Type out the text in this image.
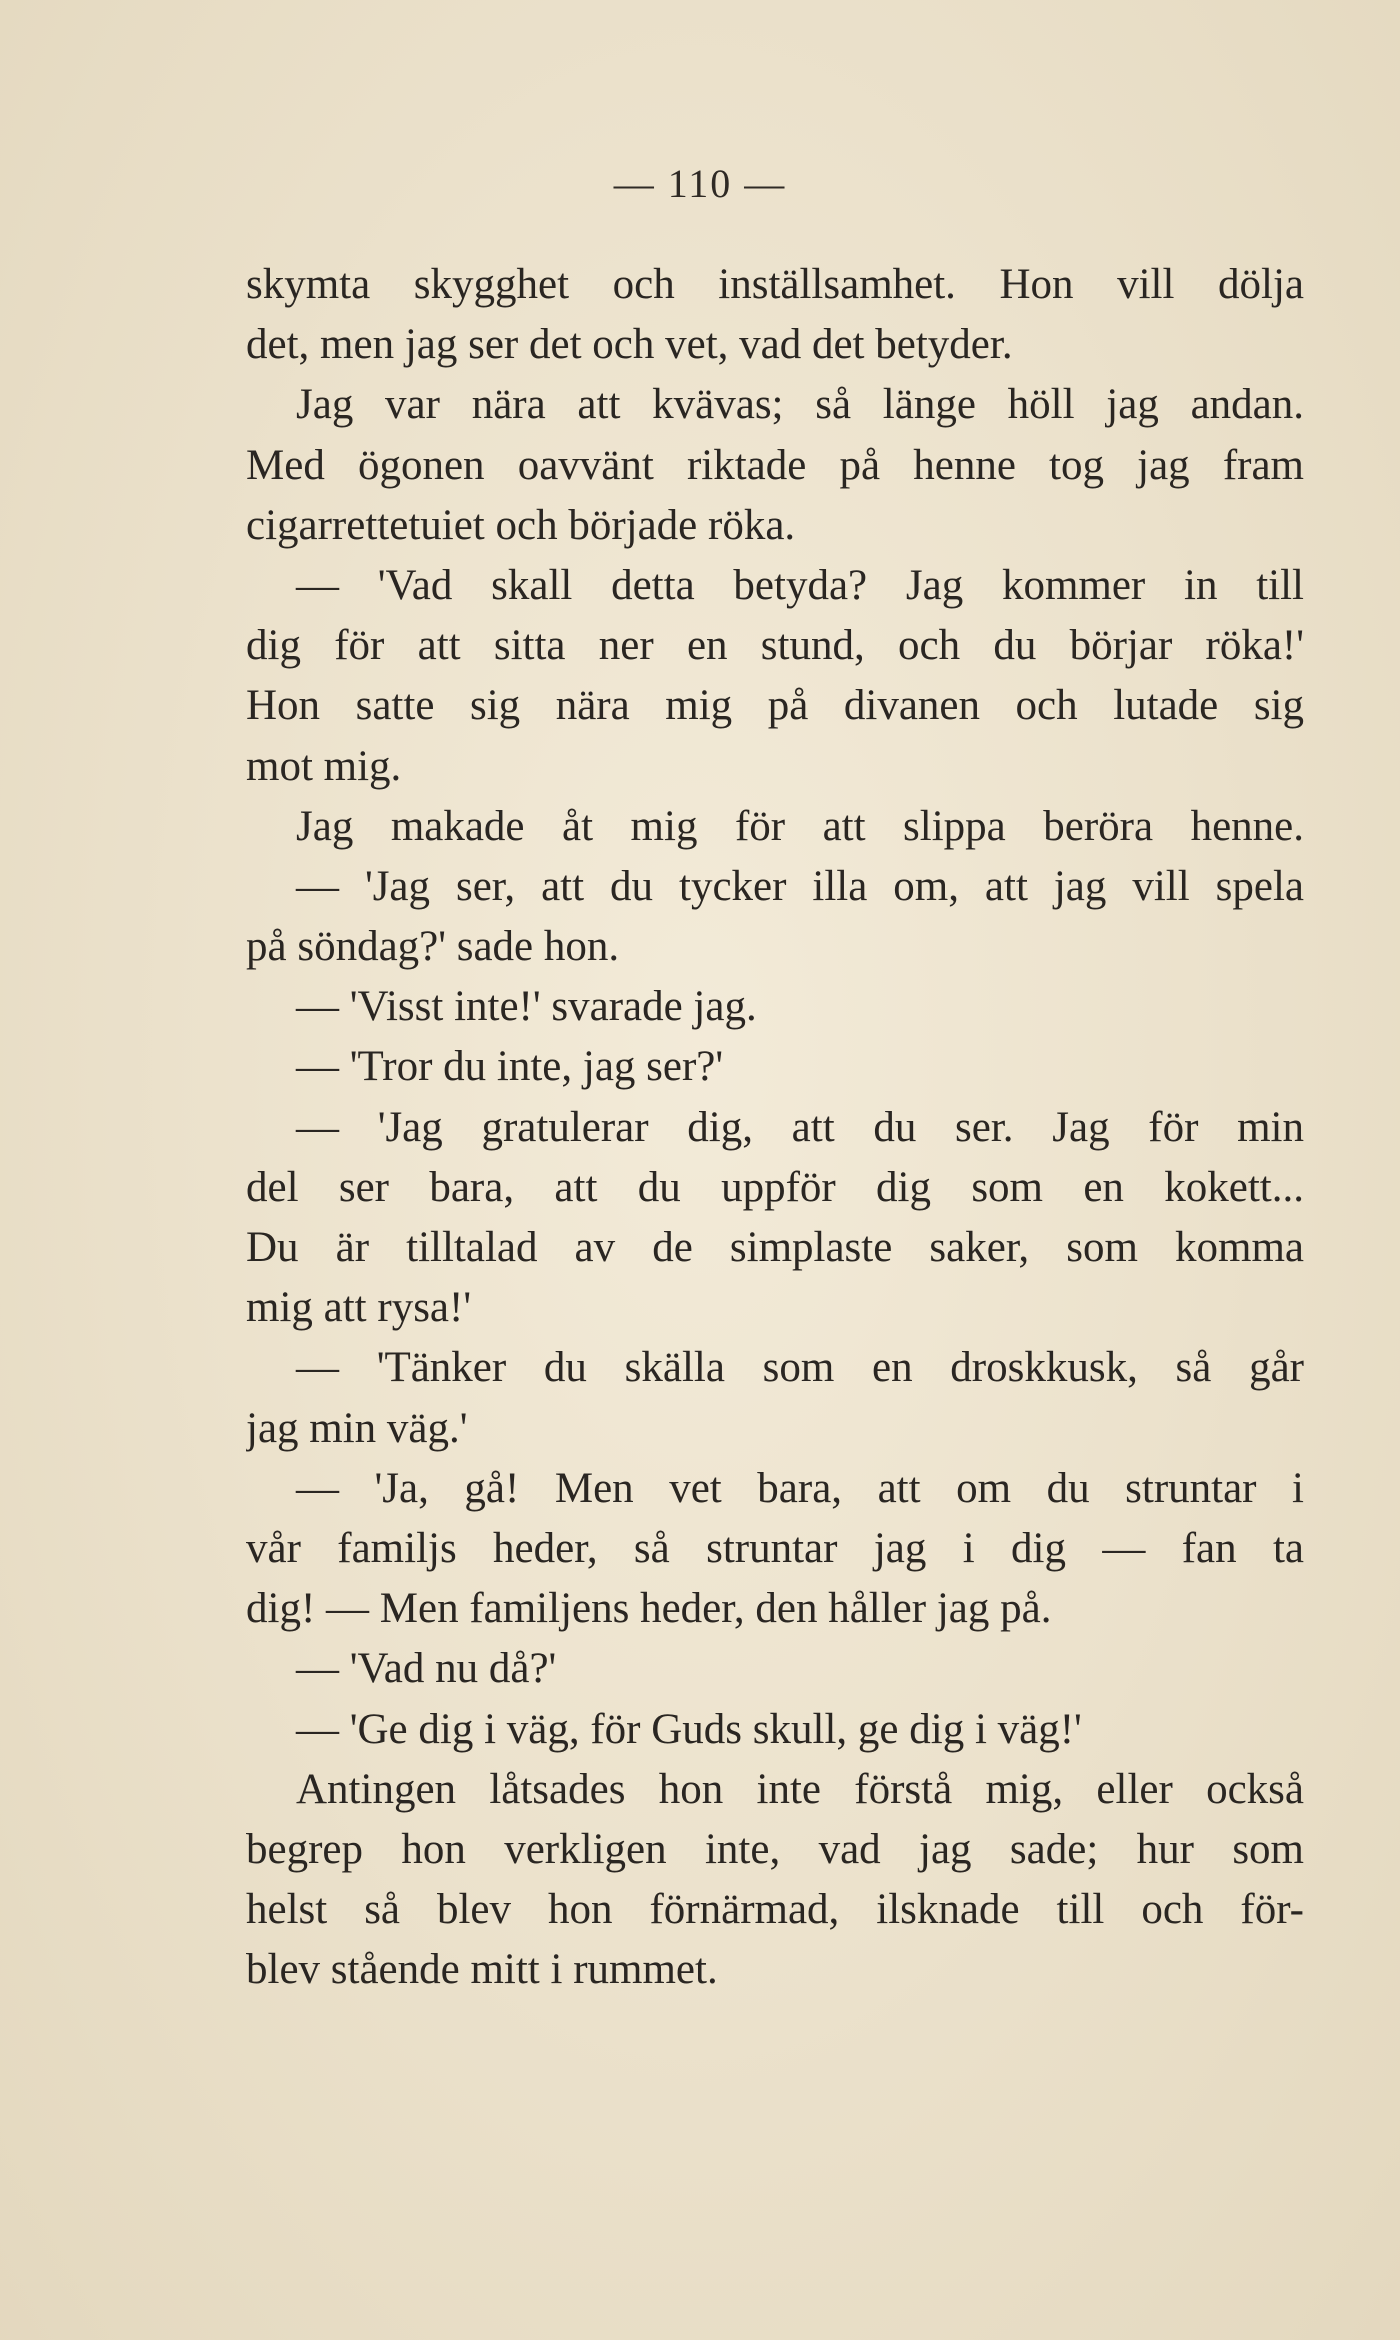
— 110 —
skymta skygghet och inställsamhet. Hon vill dölja
det, men jag ser det och vet, vad det betyder.
Jag var nära att kvävas; så länge höll jag andan.
Med ögonen oavvänt riktade på henne tog jag fram
cigarrettetuiet och började röka.
— 'Vad skall detta betyda? Jag kommer in till
dig för att sitta ner en stund, och du börjar röka!'
Hon satte sig nära mig på divanen och lutade sig
mot mig.
Jag makade åt mig för att slippa beröra henne.
— 'Jag ser, att du tycker illa om, att jag vill spela
på söndag?' sade hon.
— 'Visst inte!' svarade jag.
— 'Tror du inte, jag ser?'
— 'Jag gratulerar dig, att du ser. Jag för min
del ser bara, att du uppför dig som en kokett...
Du är tilltalad av de simplaste saker, som komma
mig att rysa!'
— 'Tänker du skälla som en droskkusk, så går
jag min väg.'
— 'Ja, gå! Men vet bara, att om du struntar i
vår familjs heder, så struntar jag i dig — fan ta
dig! — Men familjens heder, den håller jag på.
— 'Vad nu då?'
— 'Ge dig i väg, för Guds skull, ge dig i väg!'
Antingen låtsades hon inte förstå mig, eller också
begrep hon verkligen inte, vad jag sade; hur som
helst så blev hon förnärmad, ilsknade till och för-
blev stående mitt i rummet.
